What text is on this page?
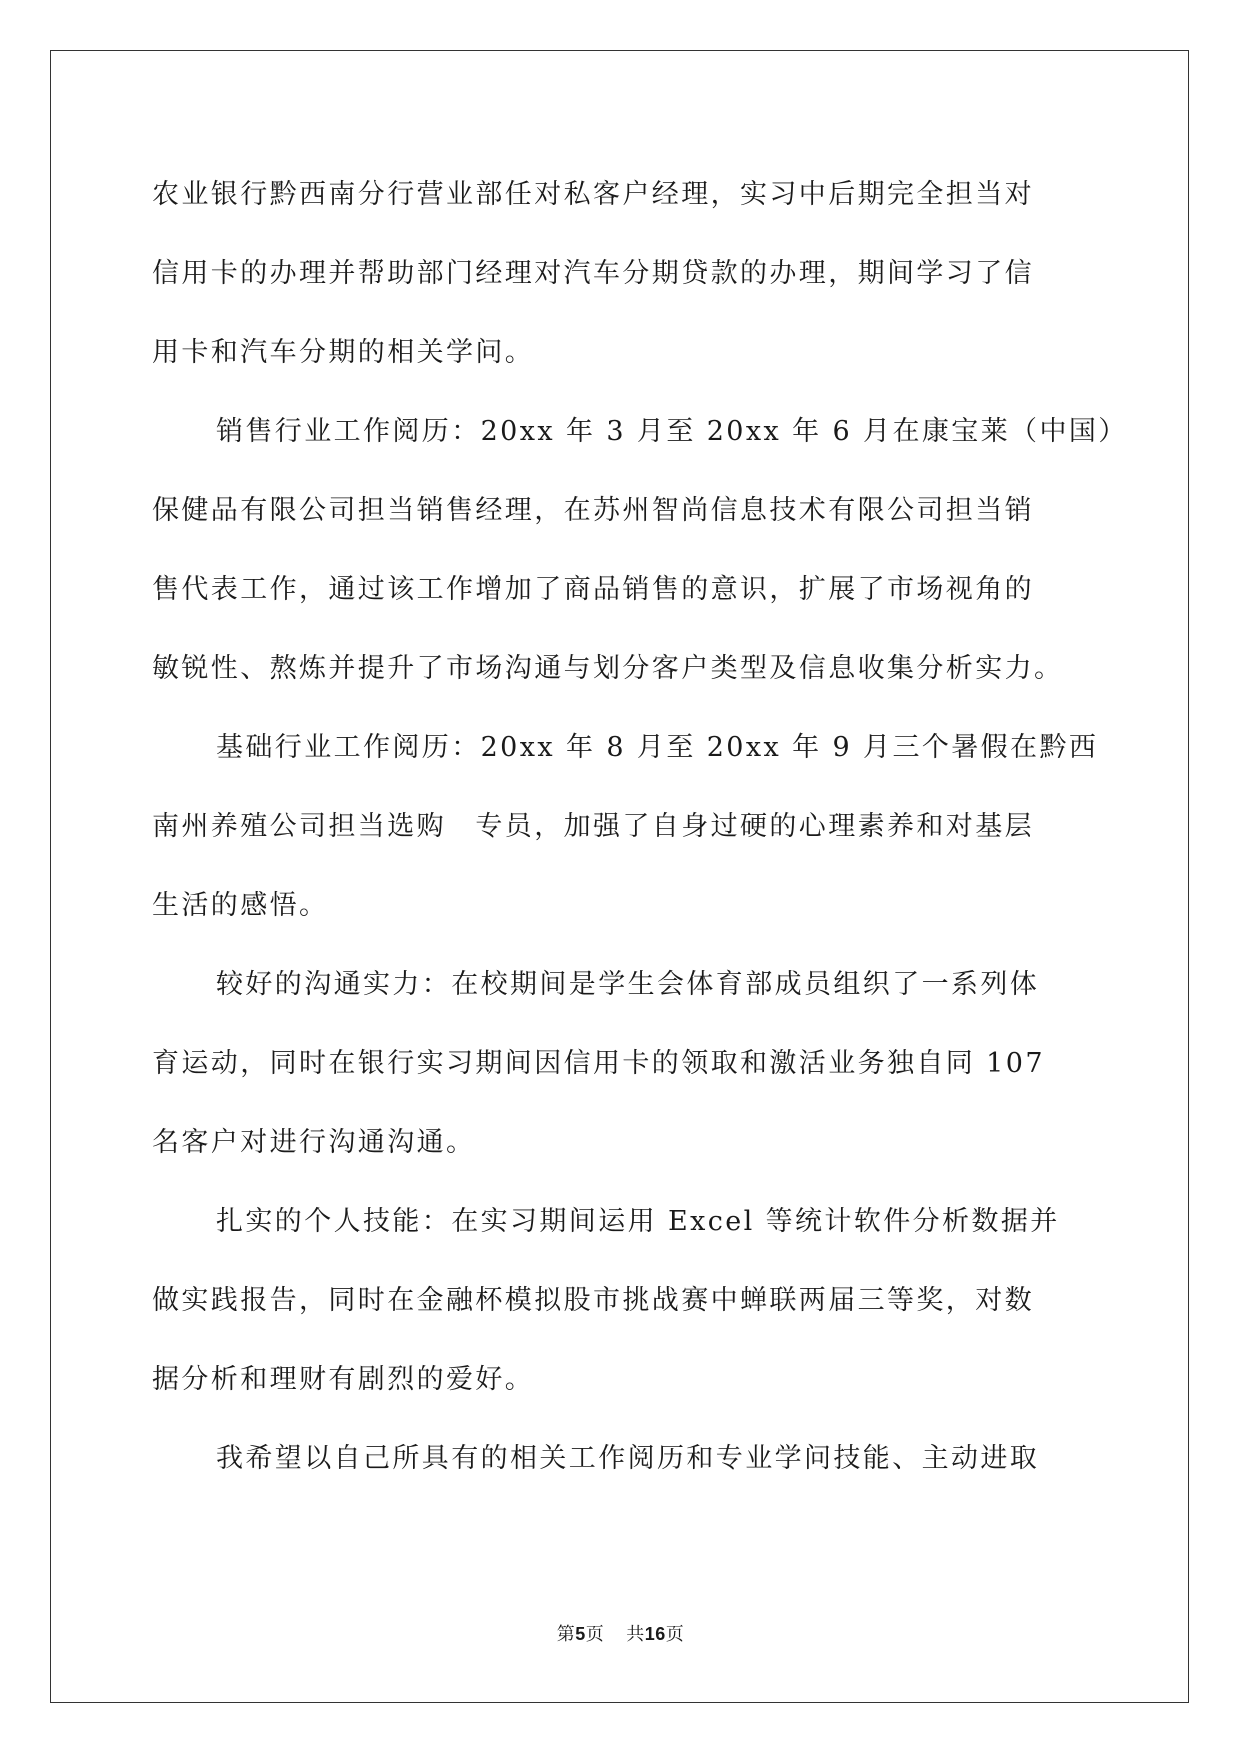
农业银行黔西南分行营业部任对私客户经理，实习中后期完全担当对
信用卡的办理并帮助部门经理对汽车分期贷款的办理，期间学习了信
用卡和汽车分期的相关学问。

销售行业工作阅历：20xx 年 3 月至 20xx 年 6 月在康宝莱（中国）
保健品有限公司担当销售经理，在苏州智尚信息技术有限公司担当销
售代表工作，通过该工作增加了商品销售的意识，扩展了市场视角的
敏锐性、熬炼并提升了市场沟通与划分客户类型及信息收集分析实力。

基础行业工作阅历：20xx 年 8 月至 20xx 年 9 月三个暑假在黔西
南州养殖公司担当选购　专员，加强了自身过硬的心理素养和对基层
生活的感悟。

较好的沟通实力：在校期间是学生会体育部成员组织了一系列体
育运动，同时在银行实习期间因信用卡的领取和激活业务独自同 107
名客户对进行沟通沟通。

扎实的个人技能：在实习期间运用 Excel 等统计软件分析数据并
做实践报告，同时在金融杯模拟股市挑战赛中蝉联两届三等奖，对数
据分析和理财有剧烈的爱好。

我希望以自己所具有的相关工作阅历和专业学问技能、主动进取

第5页 共16页
